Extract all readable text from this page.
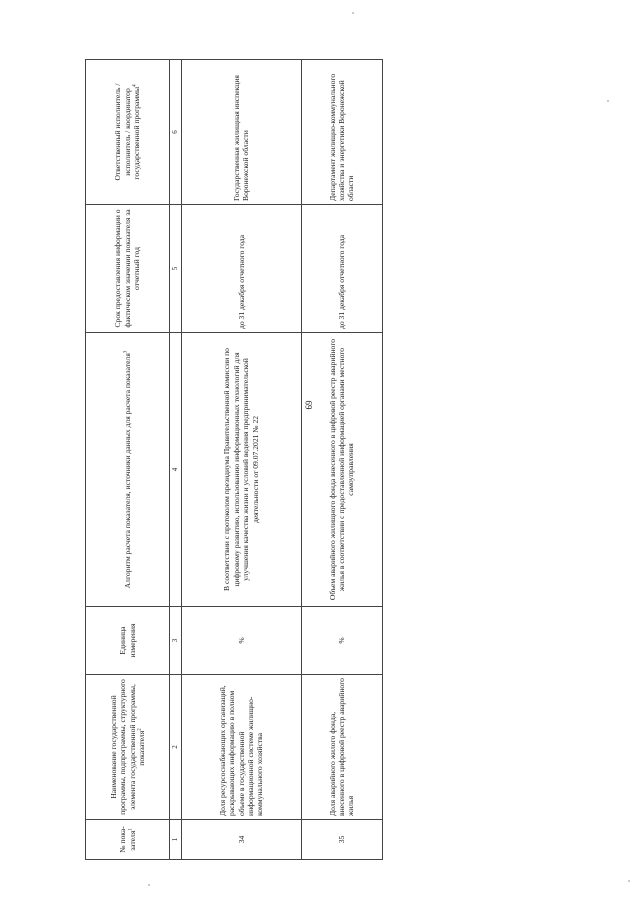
69
№ пока-зателя$^1$	Наименование государственной программы, подпрограммы, структурного элемента государственной программы, показателя$^2$	Единица измерения	Алгоритм расчета показателя, источники данных для расчета показателя$^3$	Срок предоставления информации о фактическом значении показателя за отчетный год	Ответственный исполнитель / исполнитель / координатор государственной программы$^4$
1	2	3	4	5	6
34	Доля ресурсоснабжающих организаций, раскрывающих информацию в полном объеме в государственной информационной системе жилищно-коммунального хозяйства	%	В соответствии с протоколом президиума Правительственной комиссии по цифровому развитию, использованию информационных технологий для улучшения качества жизни и условий ведения предпринимательской деятельности от 09.07.2021 № 22	до 31 декабря отчетного года	Государственная жилищная инспекция Воронежской области
35	Доля аварийного жилого фонда, внесенного в цифровой реестр аварийного жилья	%	Объем аварийного жилищного фонда внесенного в цифровой реестр аварийного жилья в соответствии с предоставленной информацией органами местного самоуправления	до 31 декабря отчетного года	Департамент жилищно-коммунального хозяйства и энергетики Воронежской области
